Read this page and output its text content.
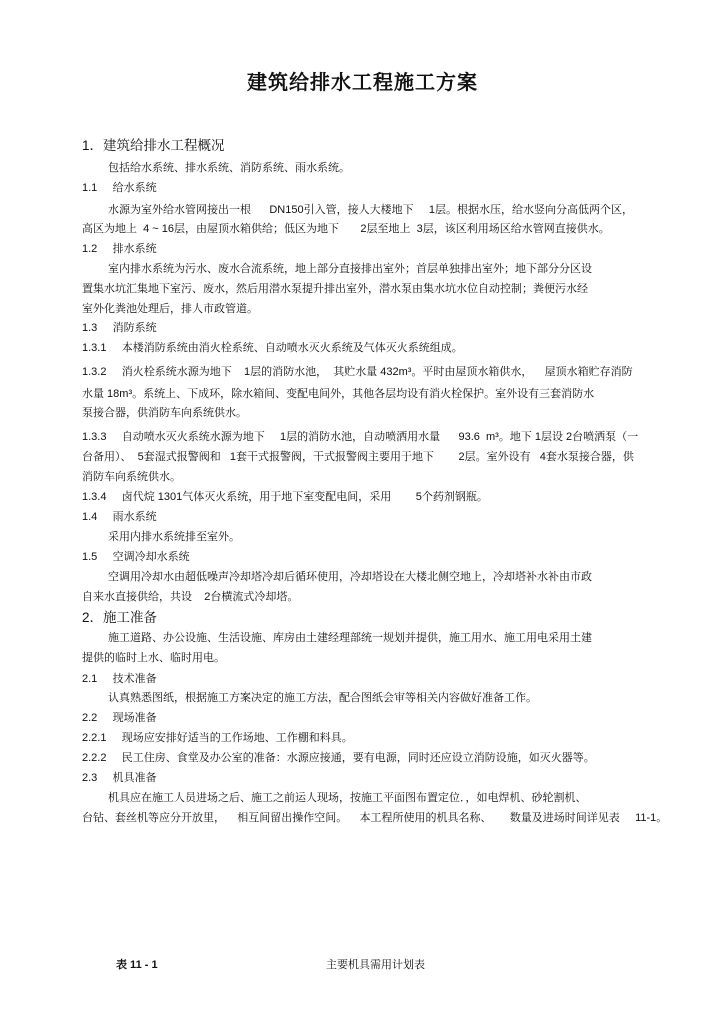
建筑给排水工程施工方案
1．建筑给排水工程概况
包括给水系统、排水系统、消防系统、雨水系统。
1.1     给水系统
水源为室外给水管网接出一根      DN150引入管，接人大楼地下     1层。根据水压，给水竖向分高低两个区，
高区为地上  4 ~ 16层，由屋顶水箱供给；低区为地下       2层至地上  3层，该区利用场区给水管网直接供水。
1.2     排水系统
室内排水系统为污水、废水合流系统，地上部分直接排出室外；首层单独排出室外；地下部分分区设
置集水坑汇集地下室污、废水，然后用潜水泵提升排出室外，潜水泵由集水坑水位自动控制；粪便污水经
室外化粪池处理后，排人市政管道。
1.3     消防系统
1.3.1     本楼消防系统由消火栓系统、自动喷水灭火系统及气体灭火系统组成。
1.3.2     消火栓系统水源为地下    1层的消防水池，  其贮水量 432m³。平时由屋顶水箱供水，    屋顶水箱贮存消防
水量 18m³。系统上、下成环，除水箱间、变配电间外，其他各层均设有消火栓保护。室外设有三套消防水
泵接合器，供消防车向系统供水。
1.3.3     自动喷水灭火系统水源为地下     1层的消防水池，自动喷洒用水量      93.6  m³。地下 1层设 2台喷洒泵（一
台备用）、  5套湿式报警阀和   1套干式报警阀，干式报警阀主要用于地下        2层。室外设有   4套水泵接合器，供
消防车向系统供水。
1.3.4     卤代烷 1301气体灭火系统，用于地下室变配电间，采用        5个药剂钢瓶。
1.4     雨水系统
采用内排水系统排至室外。
1.5     空调冷却水系统
空调用冷却水由超低噪声冷却塔冷却后循环使用，冷却塔设在大楼北侧空地上，冷却塔补水补由市政
自来水直接供给，共设    2台横流式冷却塔。
2．施工准备
施工道路、办公设施、生活设施、库房由土建经理部统一规划并提供，施工用水、施工用电采用土建
提供的临时上水、临时用电。
2.1     技术准备
认真熟悉图纸，根据施工方案决定的施工方法，配合图纸会审等相关内容做好准备工作。
2.2     现场准备
2.2.1     现场应安排好适当的工作场地、工作棚和料具。
2.2.2     民工住房、食堂及办公室的准备：水源应接通，要有电源，同时还应设立消防设施，如灭火器等。
2.3     机具准备
机具应在施工人员进场之后、施工之前运人现场，按施工平面图布置定位．，如电焊机、砂轮割机、
台钻、套丝机等应分开放里，    相互间留出操作空间。    本工程所使用的机具名称、      数量及进场时间详见表     11-1。
表 11 - 1	主要机具需用计划表
